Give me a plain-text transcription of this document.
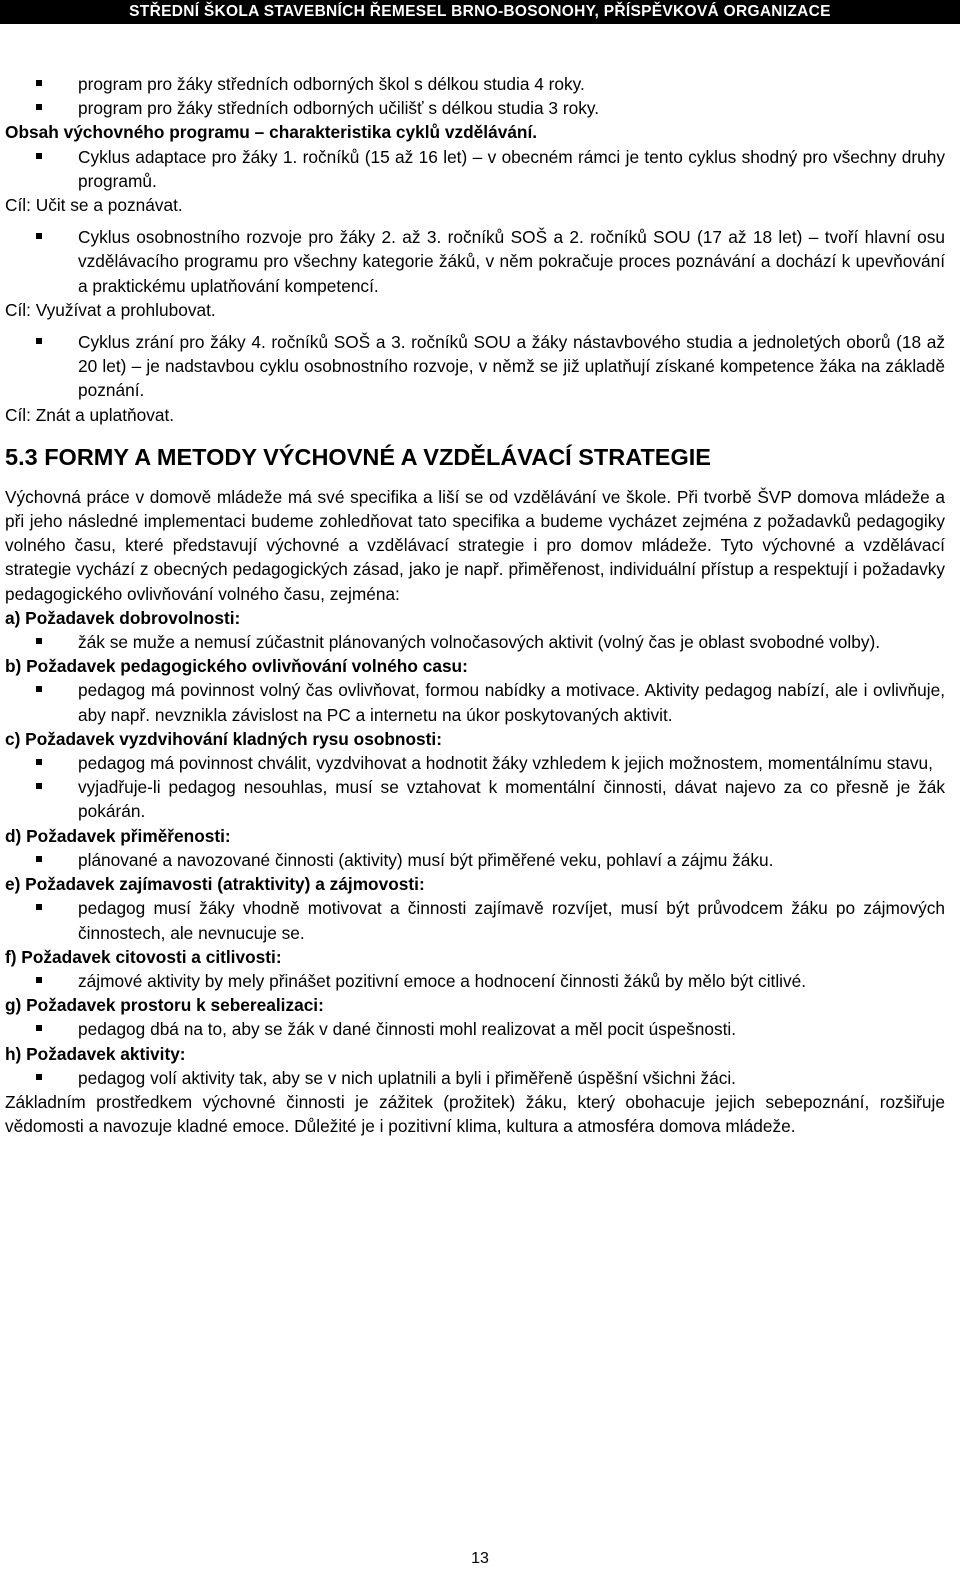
STŘEDNÍ ŠKOLA STAVEBNÍCH ŘEMESEL BRNO-BOSONOHY, PŘÍSPĚVKOVÁ ORGANIZACE
program pro žáky středních odborných škol s délkou studia 4 roky.
program pro žáky středních odborných učilišť s délkou studia 3 roky.
Obsah výchovného programu – charakteristika cyklů vzdělávání.
Cyklus adaptace pro žáky 1. ročníků (15 až 16 let) – v obecném rámci je tento cyklus shodný pro všechny druhy programů.
Cíl: Učit se a poznávat.
Cyklus osobnostního rozvoje pro žáky 2. až 3. ročníků SOŠ a 2. ročníků SOU (17 až 18 let) – tvoří hlavní osu vzdělávacího programu pro všechny kategorie žáků, v něm pokračuje proces poznávání a dochází k upevňování a praktickému uplatňování kompetencí.
Cíl: Využívat a prohlubovat.
Cyklus zrání pro žáky 4. ročníků SOŠ a 3. ročníků SOU a žáky nástavbového studia a jednoletých oborů (18 až 20 let) – je nadstavbou cyklu osobnostního rozvoje, v němž se již uplatňují získané kompetence žáka na základě poznání.
Cíl: Znát a uplatňovat.
5.3 FORMY A METODY VÝCHOVNÉ A VZDĚLÁVACÍ STRATEGIE
Výchovná práce v domově mládeže má své specifika a liší se od vzdělávání ve škole. Při tvorbě ŠVP domova mládeže a při jeho následné implementaci budeme zohledňovat tato specifika a budeme vycházet zejména z požadavků pedagogiky volného času, které představují výchovné a vzdělávací strategie i pro domov mládeže. Tyto výchovné a vzdělávací strategie vychází z obecných pedagogických zásad, jako je např. přiměřenost, individuální přístup a respektují i požadavky pedagogického ovlivňování volného času, zejména:
a) Požadavek dobrovolnosti:
žák se muže a nemusí zúčastnit plánovaných volnočasových aktivit (volný čas je oblast svobodné volby).
b) Požadavek pedagogického ovlivňování volného casu:
pedagog má povinnost volný čas ovlivňovat, formou nabídky a motivace. Aktivity pedagog nabízí, ale i ovlivňuje, aby např. nevznikla závislost na PC a internetu na úkor poskytovaných aktivit.
c) Požadavek vyzdvihování kladných rysu osobnosti:
pedagog má povinnost chválit, vyzdvihovat a hodnotit žáky vzhledem k jejich možnostem, momentálnímu stavu,
vyjadřuje-li pedagog nesouhlas, musí se vztahovat k momentální činnosti, dávat najevo za co přesně je žák pokárán.
d) Požadavek přiměřenosti:
plánované a navozované činnosti (aktivity) musí být přiměřené veku, pohlaví a zájmu žáku.
e) Požadavek zajímavosti (atraktivity) a zájmovosti:
pedagog musí žáky vhodně motivovat a činnosti zajímavě rozvíjet, musí být průvodcem žáku po zájmových činnostech, ale nevnucuje se.
f) Požadavek citovosti a citlivosti:
zájmové aktivity by mely přinášet pozitivní emoce a hodnocení činnosti žáků by mělo být citlivé.
g) Požadavek prostoru k seberealizaci:
pedagog dbá na to, aby se žák v dané činnosti mohl realizovat a měl pocit úspešnosti.
h) Požadavek aktivity:
pedagog volí aktivity tak, aby se v nich uplatnili a byli i přiměřeně úspěšní všichni žáci.
Základním prostředkem výchovné činnosti je zážitek (prožitek) žáku, který obohacuje jejich sebepoznání, rozšiřuje vědomosti a navozuje kladné emoce. Důležité je i pozitivní klima, kultura a atmosféra domova mládeže.
13
